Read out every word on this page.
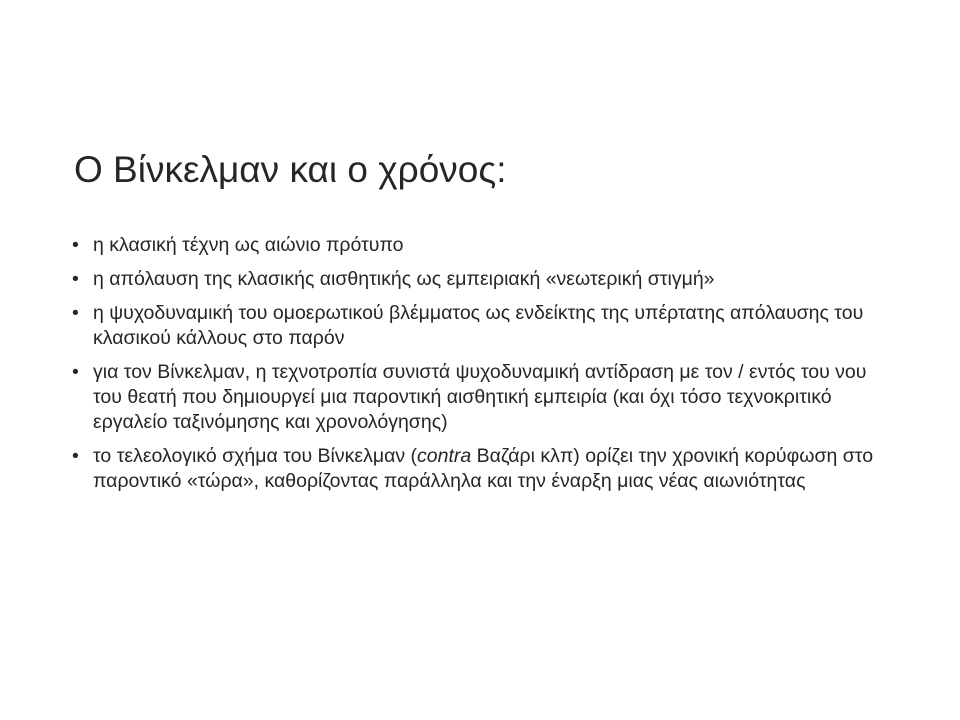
Ο Βίνκελμαν και ο χρόνος:
• η κλασική τέχνη ως αιώνιο πρότυπο
• η απόλαυση της κλασικής αισθητικής ως εμπειριακή «νεωτερική στιγμή»
• η ψυχοδυναμική του ομοερωτικού βλέμματος ως ενδείκτης της υπέρτατης απόλαυσης του κλασικού κάλλους στο παρόν
• για τον Βίνκελμαν, η τεχνοτροπία συνιστά ψυχοδυναμική αντίδραση με τον / εντός του νου του θεατή που δημιουργεί μια παροντική αισθητική εμπειρία (και όχι τόσο τεχνοκριτικό εργαλείο ταξινόμησης και χρονολόγησης)
• το τελεολογικό σχήμα του Βίνκελμαν (contra Βαζάρι κλπ) ορίζει την χρονική κορύφωση στο παροντικό «τώρα», καθορίζοντας παράλληλα και την έναρξη μιας νέας αιωνιότητας
